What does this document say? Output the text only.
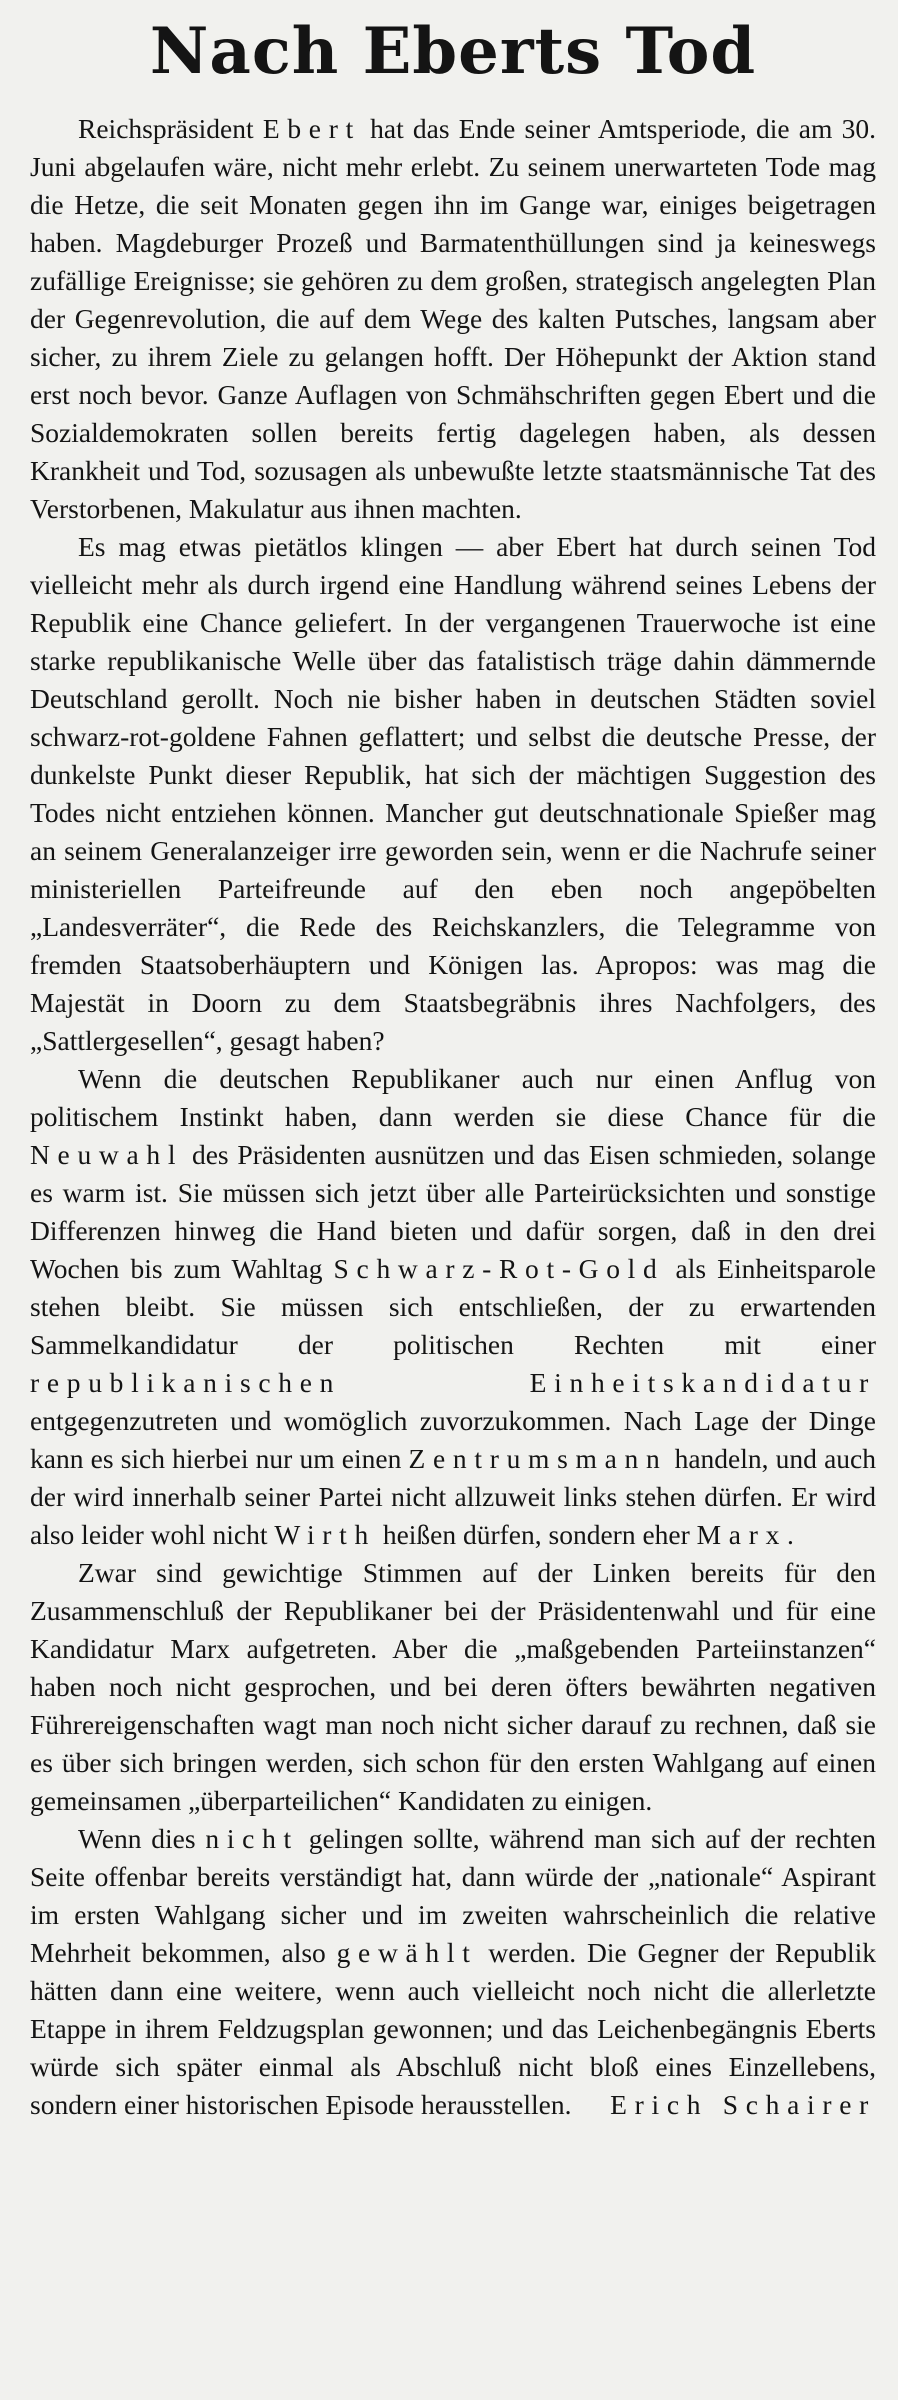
Nach Eberts Tod

Reichspräsident Ebert hat das Ende seiner Amtsperiode, die am 30. Juni abgelaufen wäre, nicht mehr erlebt. Zu seinem unerwarteten Tode mag die Hetze, die seit Monaten gegen ihn im Gange war, einiges beigetragen haben. Magdeburger Prozeß und Barmatenthüllungen sind ja keineswegs zufällige Ereignisse; sie gehören zu dem großen, strategisch angelegten Plan der Gegenrevolution, die auf dem Wege des kalten Putsches, langsam aber sicher, zu ihrem Ziele zu gelangen hofft. Der Höhepunkt der Aktion stand erst noch bevor. Ganze Auflagen von Schmähschriften gegen Ebert und die Sozialdemokraten sollen bereits fertig dagelegen haben, als dessen Krankheit und Tod, sozusagen als unbewußte letzte staatsmännische Tat des Verstorbenen, Makulatur aus ihnen machten.

Es mag etwas pietätlos klingen — aber Ebert hat durch seinen Tod vielleicht mehr als durch irgend eine Handlung während seines Lebens der Republik eine Chance geliefert. In der vergangenen Trauerwoche ist eine starke republikanische Welle über das fatalistisch träge dahin dämmernde Deutschland gerollt. Noch nie bisher haben in deutschen Städten soviel schwarz-rot-goldene Fahnen geflattert; und selbst die deutsche Presse, der dunkelste Punkt dieser Republik, hat sich der mächtigen Suggestion des Todes nicht entziehen können. Mancher gut deutschnationale Spießer mag an seinem Generalanzeiger irre geworden sein, wenn er die Nachrufe seiner ministeriellen Parteifreunde auf den eben noch angepöbelten „Landesverräter“, die Rede des Reichskanzlers, die Telegramme von fremden Staatsoberhäuptern und Königen las. Apropos: was mag die Majestät in Doorn zu dem Staatsbegräbnis ihres Nachfolgers, des „Sattlergesellen“, gesagt haben?

Wenn die deutschen Republikaner auch nur einen Anflug von politischem Instinkt haben, dann werden sie diese Chance für die Neuwahl des Präsidenten ausnützen und das Eisen schmieden, solange es warm ist. Sie müssen sich jetzt über alle Parteirücksichten und sonstige Differenzen hinweg die Hand bieten und dafür sorgen, daß in den drei Wochen bis zum Wahltag Schwarz-Rot-Gold als Einheitsparole stehen bleibt. Sie müssen sich entschließen, der zu erwartenden Sammelkandidatur der politischen Rechten mit einer republikanischen Einheitskandidatur entgegenzutreten und womöglich zuvorzukommen. Nach Lage der Dinge kann es sich hierbei nur um einen Zentrumsmann handeln, und auch der wird innerhalb seiner Partei nicht allzuweit links stehen dürfen. Er wird also leider wohl nicht Wirth heißen dürfen, sondern eher Marx.

Zwar sind gewichtige Stimmen auf der Linken bereits für den Zusammenschluß der Republikaner bei der Präsidentenwahl und für eine Kandidatur Marx aufgetreten. Aber die „maßgebenden Parteiinstanzen“ haben noch nicht gesprochen, und bei deren öfters bewährten negativen Führereigenschaften wagt man noch nicht sicher darauf zu rechnen, daß sie es über sich bringen werden, sich schon für den ersten Wahlgang auf einen gemeinsamen „überparteilichen“ Kandidaten zu einigen.

Wenn dies nicht gelingen sollte, während man sich auf der rechten Seite offenbar bereits verständigt hat, dann würde der „nationale“ Aspirant im ersten Wahlgang sicher und im zweiten wahrscheinlich die relative Mehrheit bekommen, also gewählt werden. Die Gegner der Republik hätten dann eine weitere, wenn auch vielleicht noch nicht die allerletzte Etappe in ihrem Feldzugsplan gewonnen; und das Leichenbegängnis Eberts würde sich später einmal als Abschluß nicht bloß eines Einzellebens, sondern einer historischen Episode herausstellen.	Erich Schairer
